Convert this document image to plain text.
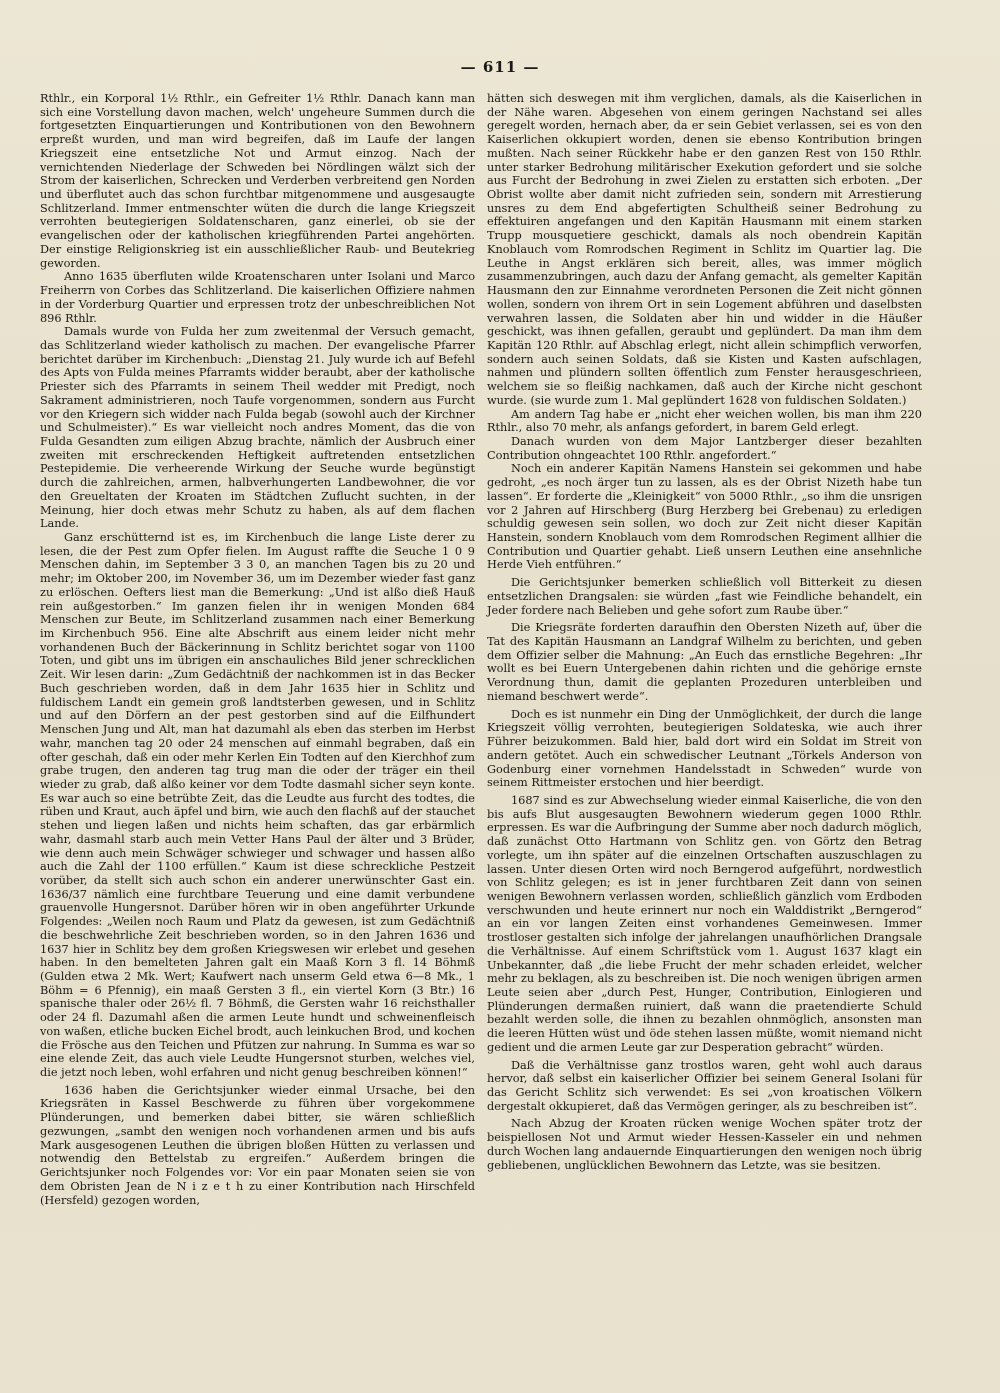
— 611 —

Rthlr., ein Korporal 1½ Rthlr., ein Gefreiter 1½ Rthlr. Danach kann man sich eine Vorstellung davon machen, welch' ungeheure Summen durch die fortgesetzten Einquartierungen und Kontributionen von den Bewohnern erpreßt wurden, und man wird begreifen, daß im Laufe der langen Kriegszeit eine entsetzliche Not und Armut einzog. Nach der vernichtenden Niederlage der Schweden bei Nördlingen wälzt sich der Strom der kaiserlichen, Schrecken und Verderben verbreitend gen Norden und überflutet auch das schon furchtbar mitgenommene und ausgesaugte Schlitzerland. Immer entmenschter wüten die durch die lange Kriegszeit verrohten beutegierigen Soldatenscharen, ganz einerlei, ob sie der evangelischen oder der katholischen kriegführenden Partei angehörten. Der einstige Religionskrieg ist ein ausschließlicher Raub- und Beutekrieg geworden.

Anno 1635 überfluten wilde Kroatenscharen unter Isolani und Marco Freiherrn von Corbes das Schlitzerland. Die kaiserlichen Offiziere nahmen in der Vorderburg Quartier und erpressen trotz der unbeschreiblichen Not 896 Rthlr.

Damals wurde von Fulda her zum zweitenmal der Versuch gemacht, das Schlitzerland wieder katholisch zu machen. Der evangelische Pfarrer berichtet darüber im Kirchenbuch: „Dienstag 21. July wurde ich auf Befehl des Apts von Fulda meines Pfarramts widder beraubt, aber der katholische Priester sich des Pfarramts in seinem Theil wedder mit Predigt, noch Sakrament administrieren, noch Taufe vorgenommen, sondern aus Furcht vor den Kriegern sich widder nach Fulda begab (sowohl auch der Kirchner und Schulmeister).“ Es war vielleicht noch andres Moment, das die von Fulda Gesandten zum eiligen Abzug brachte, nämlich der Ausbruch einer zweiten mit erschreckenden Heftigkeit auftretenden entsetzlichen Pestepidemie. Die verheerende Wirkung der Seuche wurde begünstigt durch die zahlreichen, armen, halbverhungerten Landbewohner, die vor den Greueltaten der Kroaten im Städtchen Zuflucht suchten, in der Meinung, hier doch etwas mehr Schutz zu haben, als auf dem flachen Lande.

Ganz erschütternd ist es, im Kirchenbuch die lange Liste derer zu lesen, die der Pest zum Opfer fielen. Im August raffte die Seuche 1 0 9 Menschen dahin, im September 3 3 0, an manchen Tagen bis zu 20 und mehr; im Oktober 200, im November 36, um im Dezember wieder fast ganz zu erlöschen. Oefters liest man die Bemerkung: „Und ist alßo dieß Hauß rein außgestorben.“ Im ganzen fielen ihr in wenigen Monden 684 Menschen zur Beute, im Schlitzerland zusammen nach einer Bemerkung im Kirchenbuch 956. Eine alte Abschrift aus einem leider nicht mehr vorhandenen Buch der Bäckerinnung in Schlitz berichtet sogar von 1100 Toten, und gibt uns im übrigen ein anschauliches Bild jener schrecklichen Zeit. Wir lesen darin: „Zum Gedächtniß der nachkommen ist in das Becker Buch geschrieben worden, daß in dem Jahr 1635 hier in Schlitz und fuldischem Landt ein gemein groß landtsterben gewesen, und in Schlitz und auf den Dörfern an der pest gestorben sind auf die Eilfhundert Menschen Jung und Alt, man hat dazumahl als eben das sterben im Herbst wahr, manchen tag 20 oder 24 menschen auf einmahl begraben, daß ein ofter geschah, daß ein oder mehr Kerlen Ein Todten auf den Kierchhof zum grabe trugen, den anderen tag trug man die oder der träger ein theil wieder zu grab, daß alßo keiner vor dem Todte dasmahl sicher seyn konte. Es war auch so eine betrübte Zeit, das die Leudte aus furcht des todtes, die rüben und Kraut, auch äpfel und birn, wie auch den flachß auf der stauchet stehen und liegen laßen und nichts heim schaften, das gar erbärmlich wahr, dasmahl starb auch mein Vetter Hans Paul der älter und 3 Brüder, wie denn auch mein Schwäger schwieger und schwager und hassen alßo auch die Zahl der 1100 erfüllen.“ Kaum ist diese schreckliche Pestzeit vorüber, da stellt sich auch schon ein anderer unerwünschter Gast ein. 1636/37 nämlich eine furchtbare Teuerung und eine damit verbundene grauenvolle Hungersnot. Darüber hören wir in oben angeführter Urkunde Folgendes: „Weilen noch Raum und Platz da gewesen, ist zum Gedächtniß die beschwehrliche Zeit beschrieben worden, so in den Jahren 1636 und 1637 hier in Schlitz bey dem großen Kriegswesen wir erlebet und gesehen haben. In den bemelteten Jahren galt ein Maaß Korn 3 fl. 14 Böhmß (Gulden etwa 2 Mk. Wert; Kaufwert nach unserm Geld etwa 6—8 Mk., 1 Böhm = 6 Pfennig), ein maaß Gersten 3 fl., ein viertel Korn (3 Btr.) 16 spanische thaler oder 26½ fl. 7 Böhmß, die Gersten wahr 16 reichsthaller oder 24 fl. Dazumahl aßen die armen Leute hundt und schweinenfleisch von waßen, etliche bucken Eichel brodt, auch leinkuchen Brod, und kochen die Frösche aus den Teichen und Pfützen zur nahrung. In Summa es war so eine elende Zeit, das auch viele Leudte Hungersnot sturben, welches viel, die jetzt noch leben, wohl erfahren und nicht genug beschreiben können!“

1636 haben die Gerichtsjunker wieder einmal Ursache, bei den Kriegsräten in Kassel Beschwerde zu führen über vorgekommene Plünderungen, und bemerken dabei bitter, sie wären schließlich gezwungen, „sambt den wenigen noch vorhandenen armen und bis aufs Mark ausgesogenen Leuthen die übrigen bloßen Hütten zu verlassen und notwendig den Bettelstab zu ergreifen.“ Außerdem bringen die Gerichtsjunker noch Folgendes vor: Vor ein paar Monaten seien sie von dem Obristen Jean de N i z e t h zu einer Kontribution nach Hirschfeld (Hersfeld) gezogen worden,

hätten sich deswegen mit ihm verglichen, damals, als die Kaiserlichen in der Nähe waren. Abgesehen von einem geringen Nachstand sei alles geregelt worden, hernach aber, da er sein Gebiet verlassen, sei es von den Kaiserlichen okkupiert worden, denen sie ebenso Kontribution bringen mußten. Nach seiner Rückkehr habe er den ganzen Rest von 150 Rthlr. unter starker Bedrohung militärischer Exekution gefordert und sie solche aus Furcht der Bedrohung in zwei Zielen zu erstatten sich erboten. „Der Obrist wollte aber damit nicht zufrieden sein, sondern mit Arrestierung unsres zu dem End abgefertigten Schultheiß seiner Bedrohung zu effektuiren angefangen und den Kapitän Hausmann mit einem starken Trupp mousquetiere geschickt, damals als noch obendrein Kapitän Knoblauch vom Romrodschen Regiment in Schlitz im Quartier lag. Die Leuthe in Angst erklären sich bereit, alles, was immer möglich zusammenzubringen, auch dazu der Anfang gemacht, als gemelter Kapitän Hausmann den zur Einnahme verordneten Personen die Zeit nicht gönnen wollen, sondern von ihrem Ort in sein Logement abführen und daselbsten verwahren lassen, die Soldaten aber hin und widder in die Häußer geschickt, was ihnen gefallen, geraubt und geplündert. Da man ihm dem Kapitän 120 Rthlr. auf Abschlag erlegt, nicht allein schimpflich verworfen, sondern auch seinen Soldats, daß sie Kisten und Kasten aufschlagen, nahmen und plündern sollten öffentlich zum Fenster herausgeschrieen, welchem sie so fleißig nachkamen, daß auch der Kirche nicht geschont wurde. (sie wurde zum 1. Mal geplündert 1628 von fuldischen Soldaten.)

Am andern Tag habe er „nicht eher weichen wollen, bis man ihm 220 Rthlr., also 70 mehr, als anfangs gefordert, in barem Geld erlegt.

Danach wurden von dem Major Lantzberger dieser bezahlten Contribution ohngeachtet 100 Rthlr. angefordert.“

Noch ein anderer Kapitän Namens Hanstein sei gekommen und habe gedroht, „es noch ärger tun zu lassen, als es der Obrist Nizeth habe tun lassen“. Er forderte die „Kleinigkeit“ von 5000 Rthlr., „so ihm die unsrigen vor 2 Jahren auf Hirschberg (Burg Herzberg bei Grebenau) zu erledigen schuldig gewesen sein sollen, wo doch zur Zeit nicht dieser Kapitän Hanstein, sondern Knoblauch vom dem Romrodschen Regiment allhier die Contribution und Quartier gehabt. Ließ unsern Leuthen eine ansehnliche Herde Vieh entführen.“

Die Gerichtsjunker bemerken schließlich voll Bitterkeit zu diesen entsetzlichen Drangsalen: sie würden „fast wie Feindliche behandelt, ein Jeder fordere nach Belieben und gehe sofort zum Raube über.“

Die Kriegsräte forderten daraufhin den Obersten Nizeth auf, über die Tat des Kapitän Hausmann an Landgraf Wilhelm zu berichten, und geben dem Offizier selber die Mahnung: „An Euch das ernstliche Begehren: „Ihr wollt es bei Euern Untergebenen dahin richten und die gehörige ernste Verordnung thun, damit die geplanten Prozeduren unterbleiben und niemand beschwert werde“.

Doch es ist nunmehr ein Ding der Unmöglichkeit, der durch die lange Kriegszeit völlig verrohten, beutegierigen Soldateska, wie auch ihrer Führer beizukommen. Bald hier, bald dort wird ein Soldat im Streit von andern getötet. Auch ein schwedischer Leutnant „Törkels Anderson von Godenburg einer vornehmen Handelsstadt in Schweden“ wurde von seinem Rittmeister erstochen und hier beerdigt.

1687 sind es zur Abwechselung wieder einmal Kaiserliche, die von den bis aufs Blut ausgesaugten Bewohnern wiederum gegen 1000 Rthlr. erpressen. Es war die Aufbringung der Summe aber noch dadurch möglich, daß zunächst Otto Hartmann von Schlitz gen. von Görtz den Betrag vorlegte, um ihn später auf die einzelnen Ortschaften auszuschlagen zu lassen. Unter diesen Orten wird noch Berngerod aufgeführt, nordwestlich von Schlitz gelegen; es ist in jener furchtbaren Zeit dann von seinen wenigen Bewohnern verlassen worden, schließlich gänzlich vom Erdboden verschwunden und heute erinnert nur noch ein Walddistrikt „Berngerod“ an ein vor langen Zeiten einst vorhandenes Gemeinwesen. Immer trostloser gestalten sich infolge der jahrelangen unaufhörlichen Drangsale die Verhältnisse. Auf einem Schriftstück vom 1. August 1637 klagt ein Unbekannter, daß „die liebe Frucht der mehr schaden erleidet, welcher mehr zu beklagen, als zu beschreiben ist. Die noch wenigen übrigen armen Leute seien aber „durch Pest, Hunger, Contribution, Einlogieren und Plünderungen dermaßen ruiniert, daß wann die praetendierte Schuld bezahlt werden solle, die ihnen zu bezahlen ohnmöglich, ansonsten man die leeren Hütten wüst und öde stehen lassen müßte, womit niemand nicht gedient und die armen Leute gar zur Desperation gebracht“ würden.

Daß die Verhältnisse ganz trostlos waren, geht wohl auch daraus hervor, daß selbst ein kaiserlicher Offizier bei seinem General Isolani für das Gericht Schlitz sich verwendet: Es sei „von kroatischen Völkern dergestalt okkupieret, daß das Vermögen geringer, als zu beschreiben ist“.

Nach Abzug der Kroaten rücken wenige Wochen später trotz der beispiellosen Not und Armut wieder Hessen-Kasseler ein und nehmen durch Wochen lang andauernde Einquartierungen den wenigen noch übrig gebliebenen, unglücklichen Bewohnern das Letzte, was sie besitzen.
